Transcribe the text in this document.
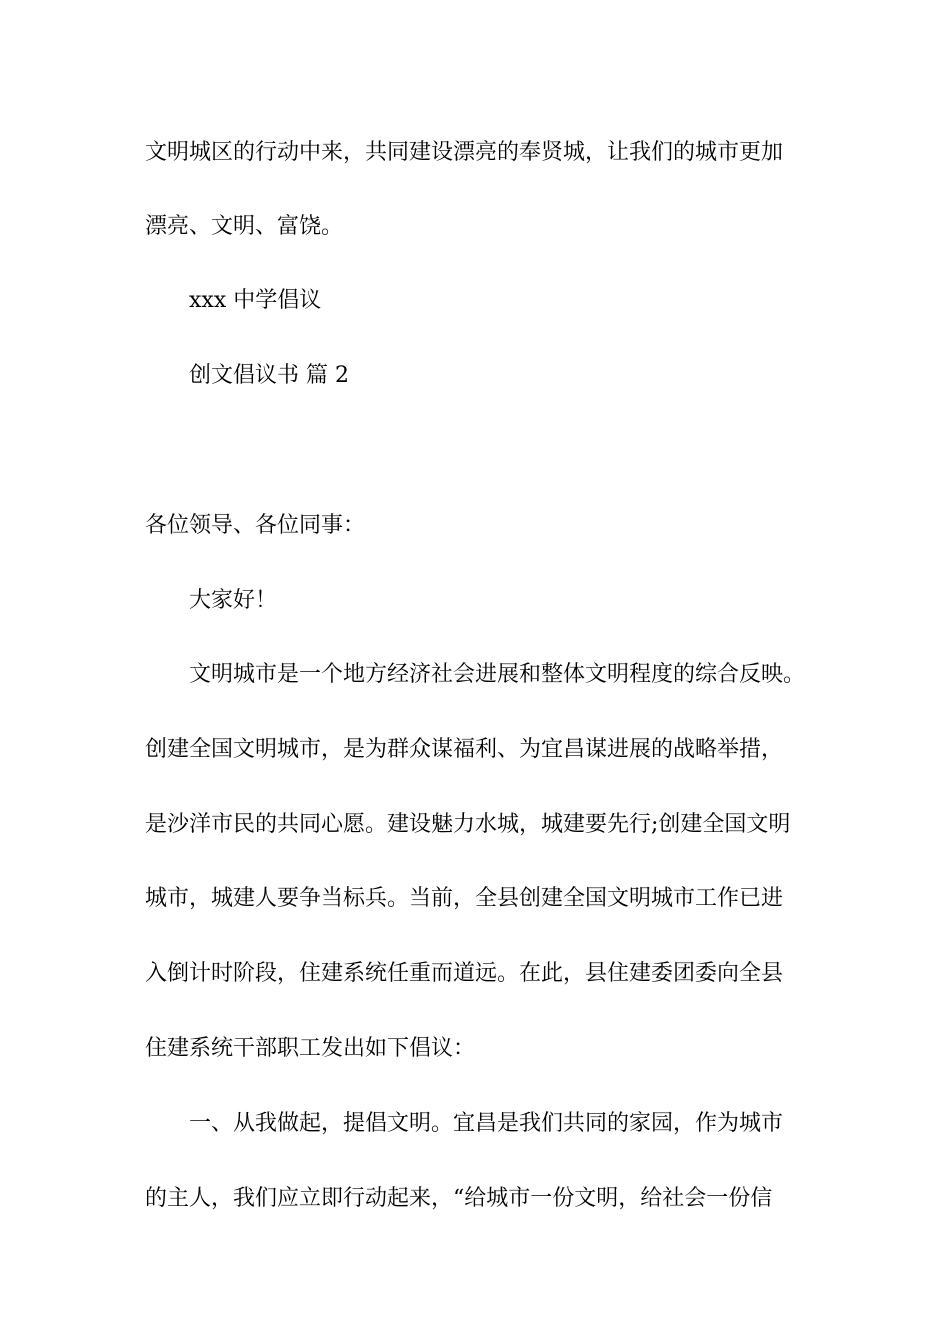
文明城区的行动中来，共同建设漂亮的奉贤城，让我们的城市更加

漂亮、文明、富饶。

xxx 中学倡议

创文倡议书 篇 2

各位领导、各位同事：

大家好！

文明城市是一个地方经济社会进展和整体文明程度的综合反映。

创建全国文明城市，是为群众谋福利、为宜昌谋进展的战略举措，

是沙洋市民的共同心愿。建设魅力水城，城建要先行;创建全国文明

城市，城建人要争当标兵。当前，全县创建全国文明城市工作已进

入倒计时阶段，住建系统任重而道远。在此，县住建委团委向全县

住建系统干部职工发出如下倡议：

一、从我做起，提倡文明。宜昌是我们共同的家园，作为城市

的主人，我们应立即行动起来，“给城市一份文明，给社会一份信
